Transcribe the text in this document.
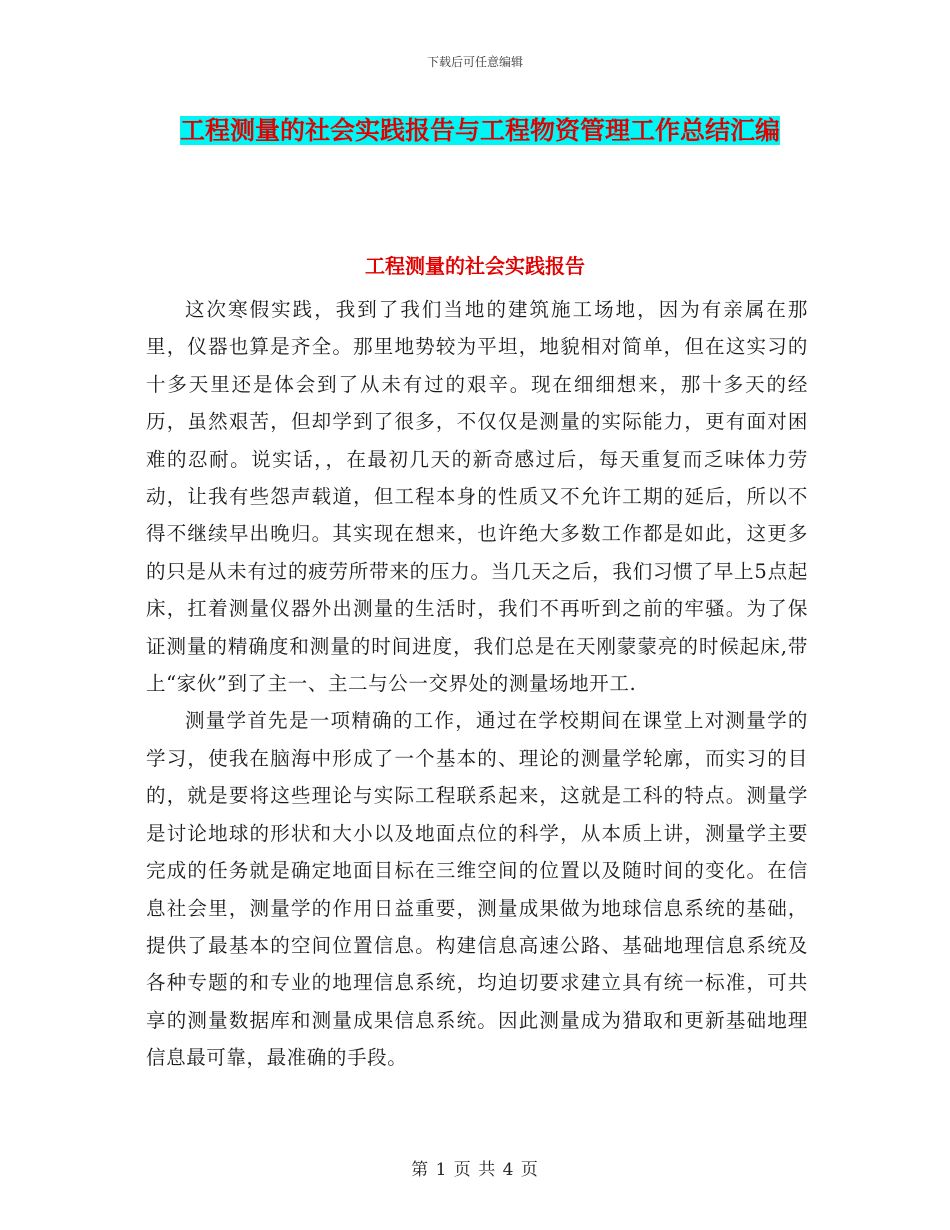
下载后可任意编辑
工程测量的社会实践报告与工程物资管理工作总结汇编
工程测量的社会实践报告

这次寒假实践，我到了我们当地的建筑施工场地，因为有亲属在那里，仪器也算是齐全。那里地势较为平坦，地貌相对简单，但在这实习的十多天里还是体会到了从未有过的艰辛。现在细细想来，那十多天的经历，虽然艰苦，但却学到了很多，不仅仅是测量的实际能力，更有面对困难的忍耐。说实话，，在最初几天的新奇感过后，每天重复而乏味体力劳动，让我有些怨声载道，但工程本身的性质又不允许工期的延后，所以不得不继续早出晚归。其实现在想来，也许绝大多数工作都是如此，这更多的只是从未有过的疲劳所带来的压力。当几天之后，我们习惯了早上5点起床，扛着测量仪器外出测量的生活时，我们不再听到之前的牢骚。为了保证测量的精确度和测量的时间进度，我们总是在天刚蒙蒙亮的时候起床,带上“家伙”到了主一、主二与公一交界处的测量场地开工.

测量学首先是一项精确的工作，通过在学校期间在课堂上对测量学的学习，使我在脑海中形成了一个基本的、理论的测量学轮廓，而实习的目的，就是要将这些理论与实际工程联系起来，这就是工科的特点。测量学是讨论地球的形状和大小以及地面点位的科学，从本质上讲，测量学主要完成的任务就是确定地面目标在三维空间的位置以及随时间的变化。在信息社会里，测量学的作用日益重要，测量成果做为地球信息系统的基础，提供了最基本的空间位置信息。构建信息高速公路、基础地理信息系统及各种专题的和专业的地理信息系统，均迫切要求建立具有统一标准，可共享的测量数据库和测量成果信息系统。因此测量成为猎取和更新基础地理信息最可靠，最准确的手段。

第 1 页 共 4 页
